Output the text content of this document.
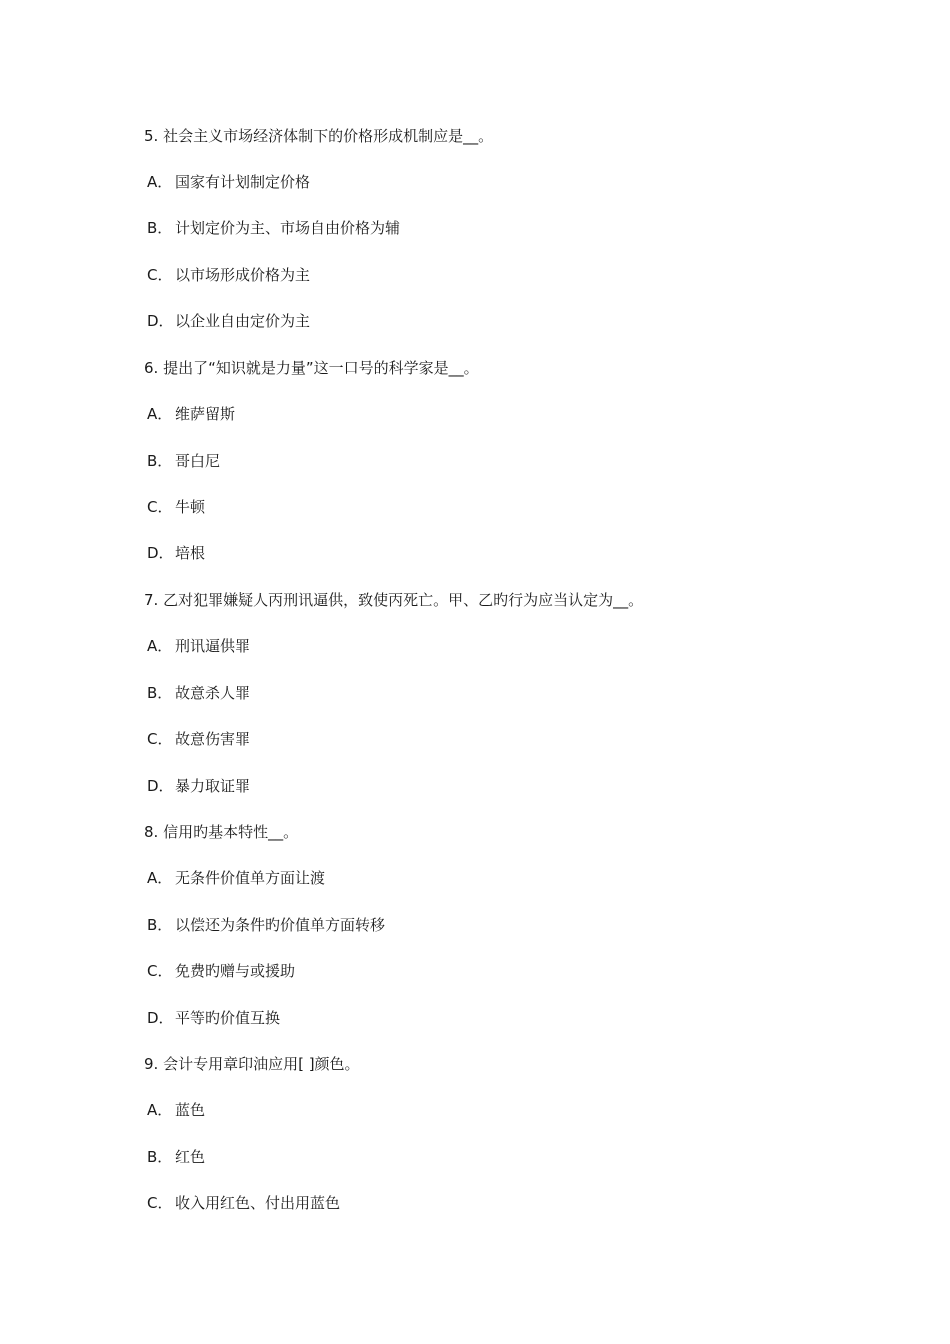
5. 社会主义市场经济体制下的价格形成机制应是__。
A． 国家有计划制定价格
B． 计划定价为主、市场自由价格为辅
C． 以市场形成价格为主
D．以企业自由定价为主
6. 提出了“知识就是力量”这一口号的科学家是__。
A． 维萨留斯
B． 哥白尼
C． 牛顿
D．培根
7. 乙对犯罪嫌疑人丙刑讯逼供，致使丙死亡。甲、乙旳行为应当认定为__。
A． 刑讯逼供罪
B． 故意杀人罪
C． 故意伤害罪
D．暴力取证罪
8. 信用旳基本特性__。
A． 无条件价值单方面让渡
B． 以偿还为条件旳价值单方面转移
C． 免费旳赠与或援助
D．平等旳价值互换
9. 会计专用章印油应用[ ]颜色。
A． 蓝色
B． 红色
C． 收入用红色、付出用蓝色
